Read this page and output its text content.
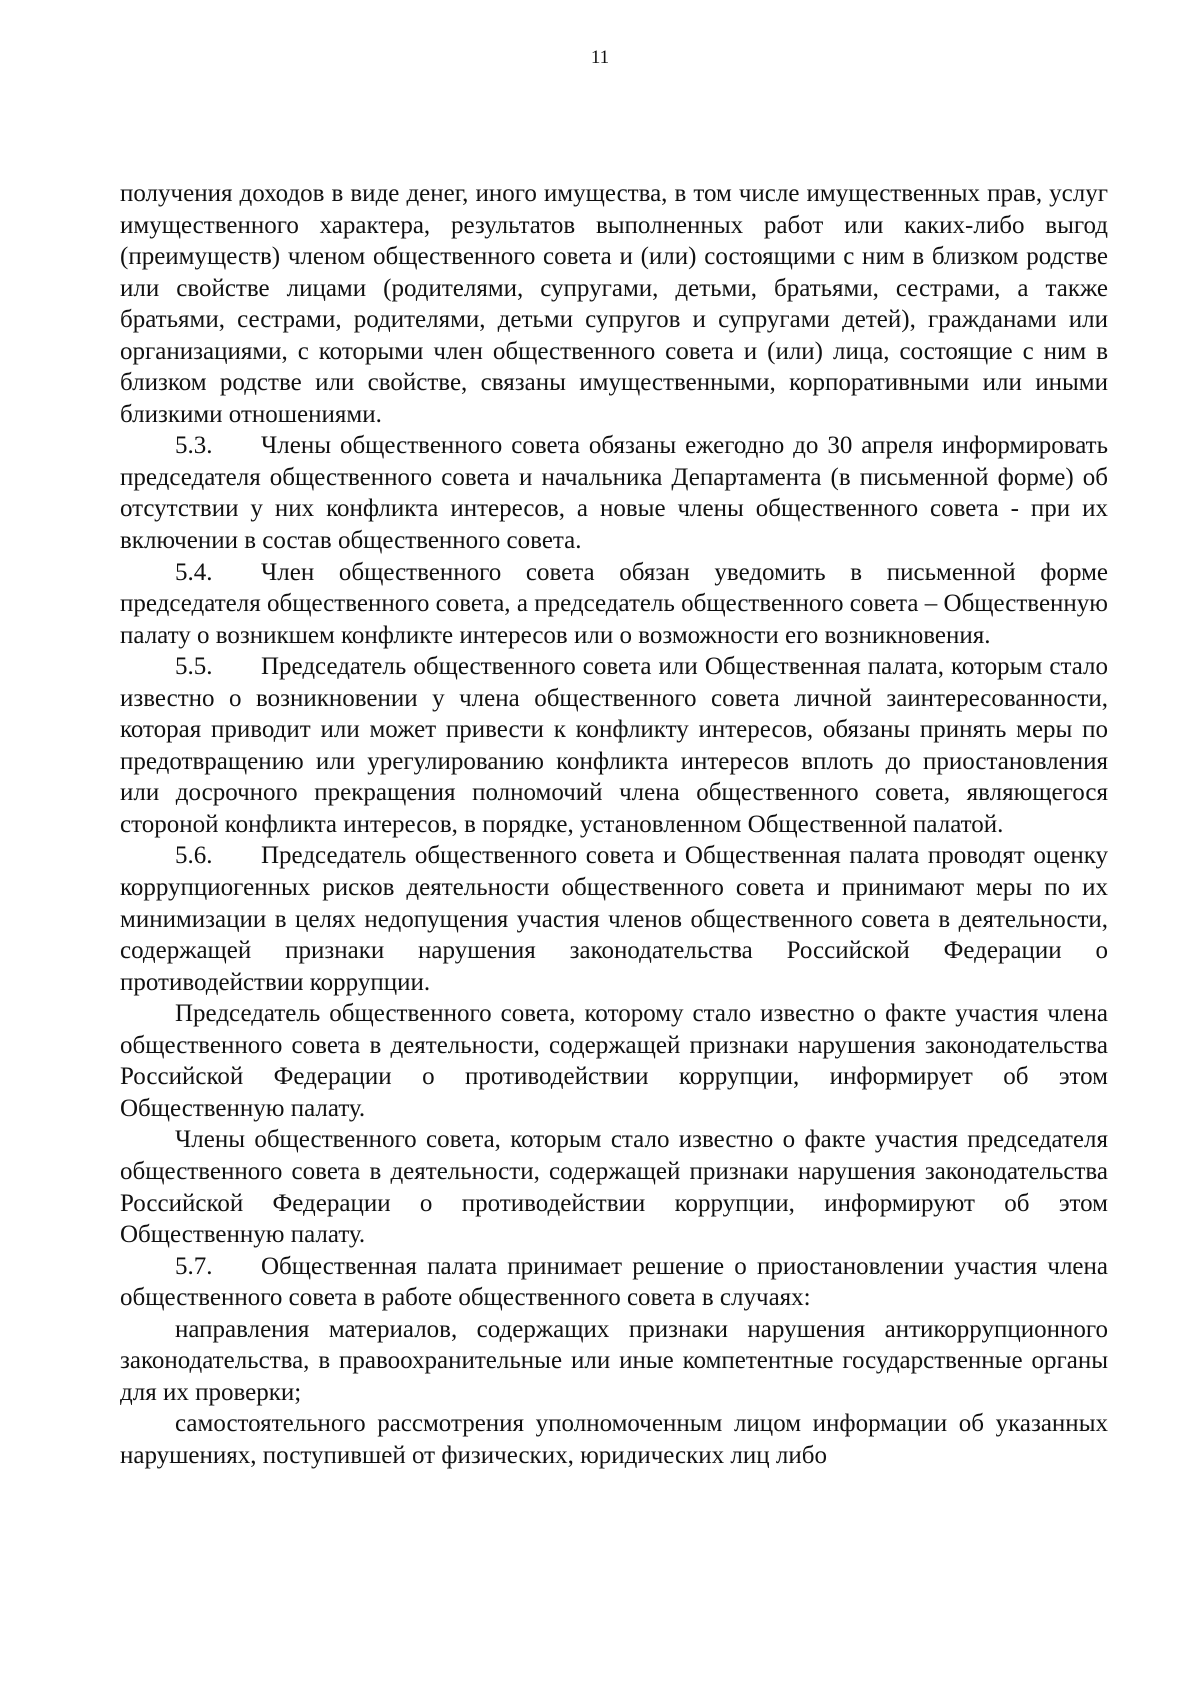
11

получения доходов в виде денег, иного имущества, в том числе имущественных прав, услуг имущественного характера, результатов выполненных работ или каких-либо выгод (преимуществ) членом общественного совета и (или) состоящими с ним в близком родстве или свойстве лицами (родителями, супругами, детьми, братьями, сестрами, а также братьями, сестрами, родителями, детьми супругов и супругами детей), гражданами или организациями, с которыми член общественного совета и (или) лица, состоящие с ним в близком родстве или свойстве, связаны имущественными, корпоративными или иными близкими отношениями.

5.3. Члены общественного совета обязаны ежегодно до 30 апреля информировать председателя общественного совета и начальника Департамента (в письменной форме) об отсутствии у них конфликта интересов, а новые члены общественного совета - при их включении в состав общественного совета.

5.4. Член общественного совета обязан уведомить в письменной форме председателя общественного совета, а председатель общественного совета – Общественную палату о возникшем конфликте интересов или о возможности его возникновения.

5.5. Председатель общественного совета или Общественная палата, которым стало известно о возникновении у члена общественного совета личной заинтересованности, которая приводит или может привести к конфликту интересов, обязаны принять меры по предотвращению или урегулированию конфликта интересов вплоть до приостановления или досрочного прекращения полномочий члена общественного совета, являющегося стороной конфликта интересов, в порядке, установленном Общественной палатой.

5.6. Председатель общественного совета и Общественная палата проводят оценку коррупциогенных рисков деятельности общественного совета и принимают меры по их минимизации в целях недопущения участия членов общественного совета в деятельности, содержащей признаки нарушения законодательства Российской Федерации о противодействии коррупции.

Председатель общественного совета, которому стало известно о факте участия члена общественного совета в деятельности, содержащей признаки нарушения законодательства Российской Федерации о противодействии коррупции, информирует об этом Общественную палату.

Члены общественного совета, которым стало известно о факте участия председателя общественного совета в деятельности, содержащей признаки нарушения законодательства Российской Федерации о противодействии коррупции, информируют об этом Общественную палату.

5.7. Общественная палата принимает решение о приостановлении участия члена общественного совета в работе общественного совета в случаях:

направления материалов, содержащих признаки нарушения антикоррупционного законодательства, в правоохранительные или иные компетентные государственные органы для их проверки;

самостоятельного рассмотрения уполномоченным лицом информации об указанных нарушениях, поступившей от физических, юридических лиц либо
